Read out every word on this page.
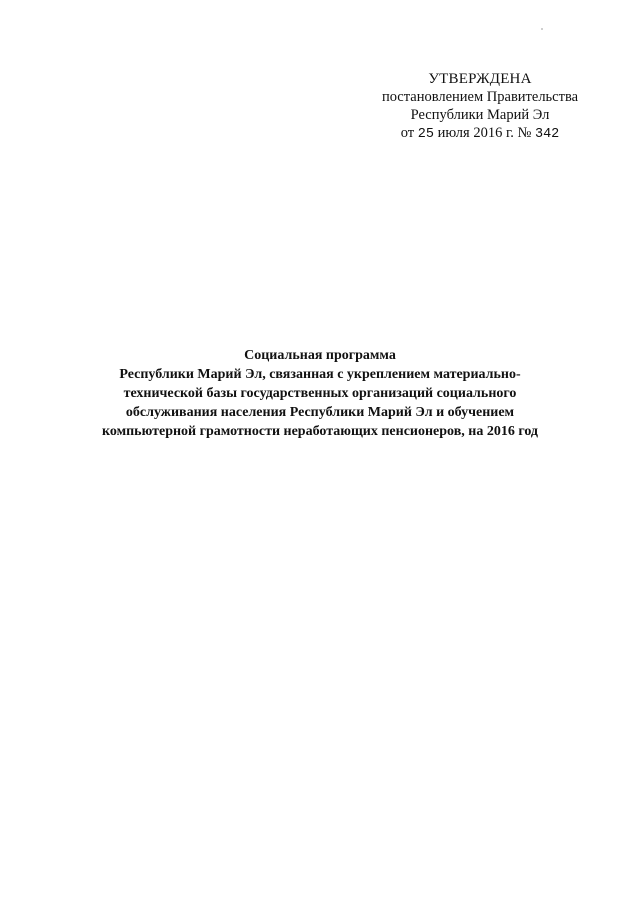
УТВЕРЖДЕНА
постановлением Правительства
Республики Марий Эл
от 25 июля 2016 г. № 342
Социальная программа
Республики Марий Эл, связанная с укреплением материально-
технической базы государственных организаций социального
обслуживания населения Республики Марий Эл и обучением
компьютерной грамотности неработающих пенсионеров, на 2016 год
